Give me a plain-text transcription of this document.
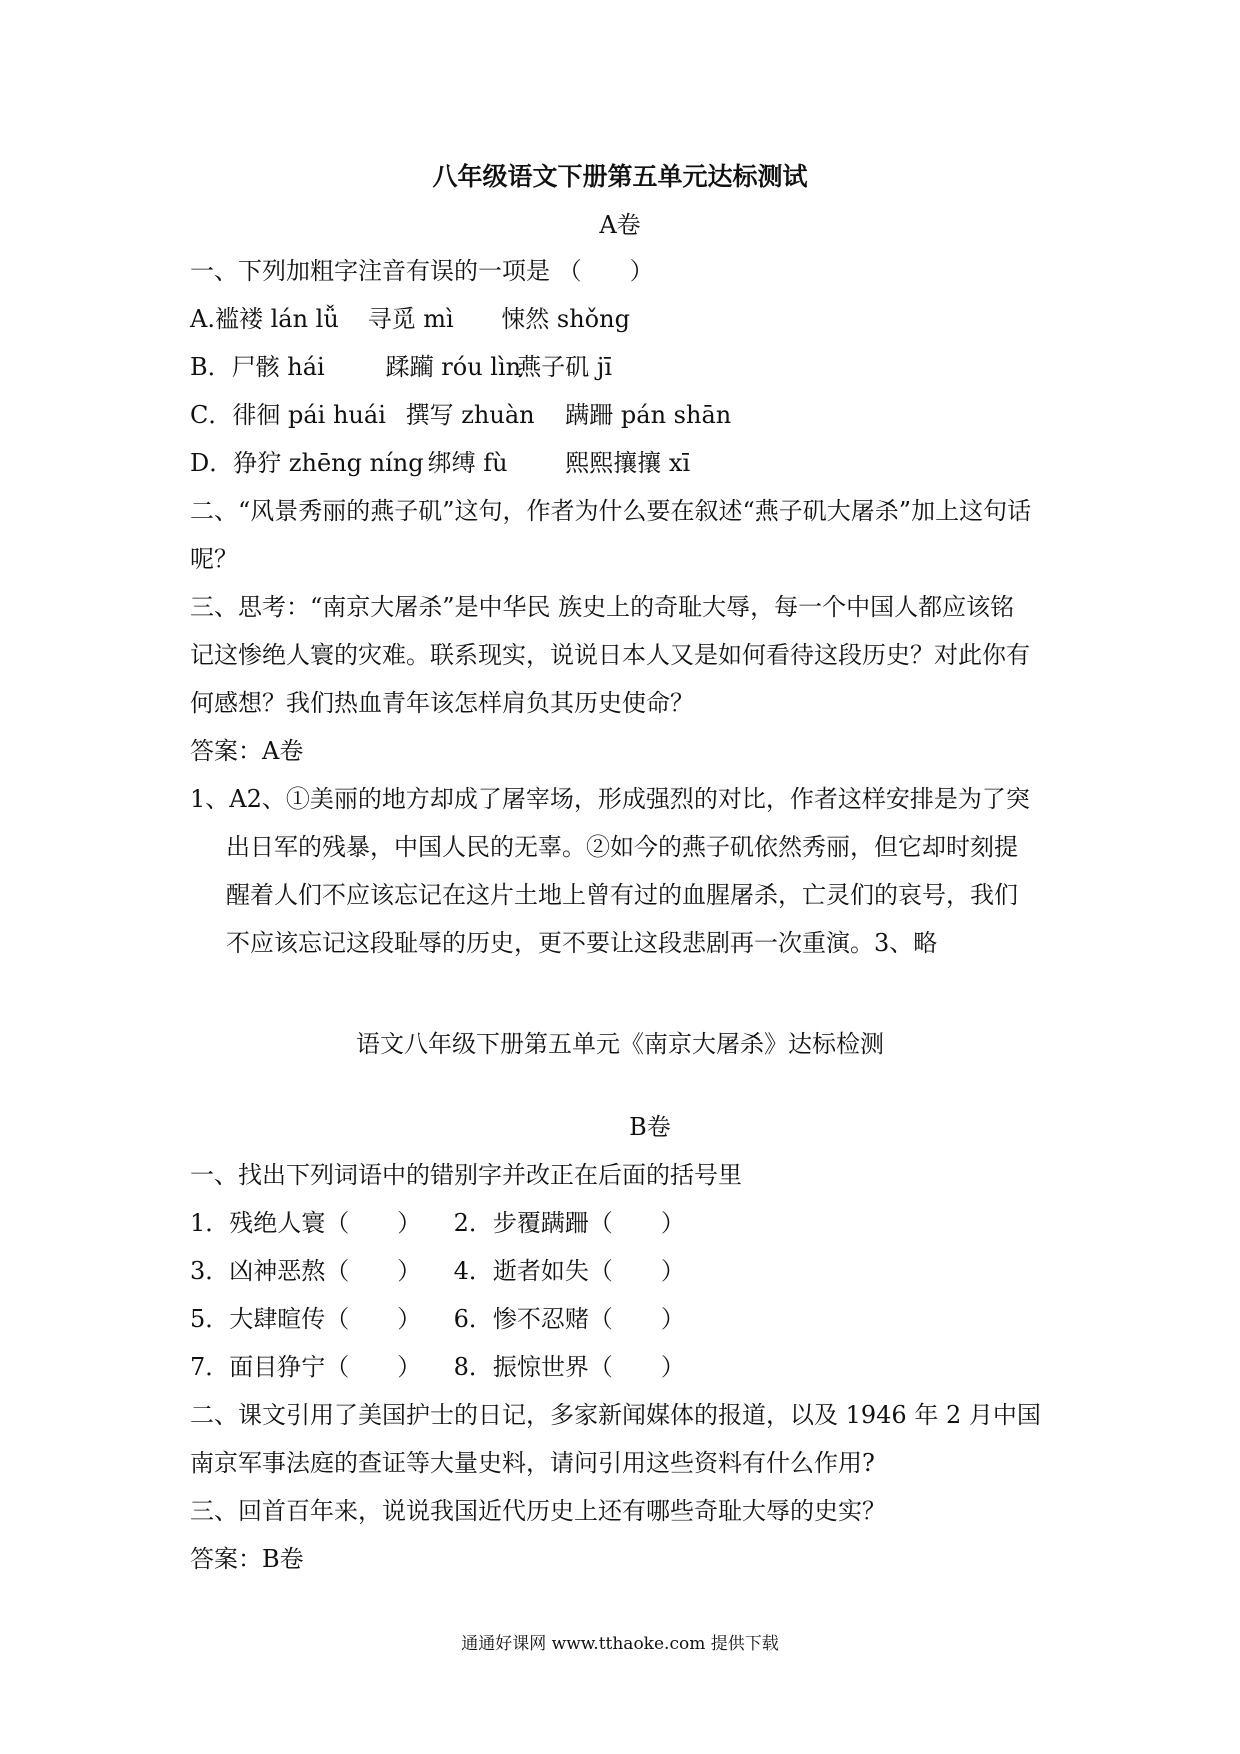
八年级语文下册第五单元达标测试
A卷
一、下列加粗字注音有误的一项是 （　　）
A.褴褛 lán lǚ 寻觅 mì 悚然 shǒng
B．尸骸 hái	蹂躏 róu lìn 燕子矶 jī
C．徘徊 pái huái 撰写 zhuàn 蹒跚 pán shān
D．狰狞 zhēng níng 绑缚 fù 熙熙攘攘 xī
二、“风景秀丽的燕子矶”这句，作者为什么要在叙述“燕子矶大屠杀”加上这句话
呢？
三、思考：“南京大屠杀”是中华民 族史上的奇耻大辱，每一个中国人都应该铭
记这惨绝人寰的灾难。联系现实，说说日本人又是如何看待这段历史？对此你有
何感想？我们热血青年该怎样肩负其历史使命？
答案：A卷
1、A2、①美丽的地方却成了屠宰场，形成强烈的对比，作者这样安排是为了突
出日军的残暴，中国人民的无辜。②如今的燕子矶依然秀丽，但它却时刻提
醒着人们不应该忘记在这片土地上曾有过的血腥屠杀，亡灵们的哀号，我们
不应该忘记这段耻辱的历史，更不要让这段悲剧再一次重演。3、略
语文八年级下册第五单元《南京大屠杀》达标检测
B卷
一、找出下列词语中的错别字并改正在后面的括号里
1．残绝人寰（　　） 2．步覆蹒跚（　　）
3．凶神恶熬（　　） 4．逝者如失（　　）
5．大肆暄传（　　） 6．惨不忍赌（　　）
7．面目狰宁（　　） 8．振惊世界（　　）
二、课文引用了美国护士的日记，多家新闻媒体的报道，以及 1946 年 2 月中国
南京军事法庭的查证等大量史料，请问引用这些资料有什么作用?
三、回首百年来，说说我国近代历史上还有哪些奇耻大辱的史实？
答案：B卷
通通好课网 www.tthaoke.com 提供下载
